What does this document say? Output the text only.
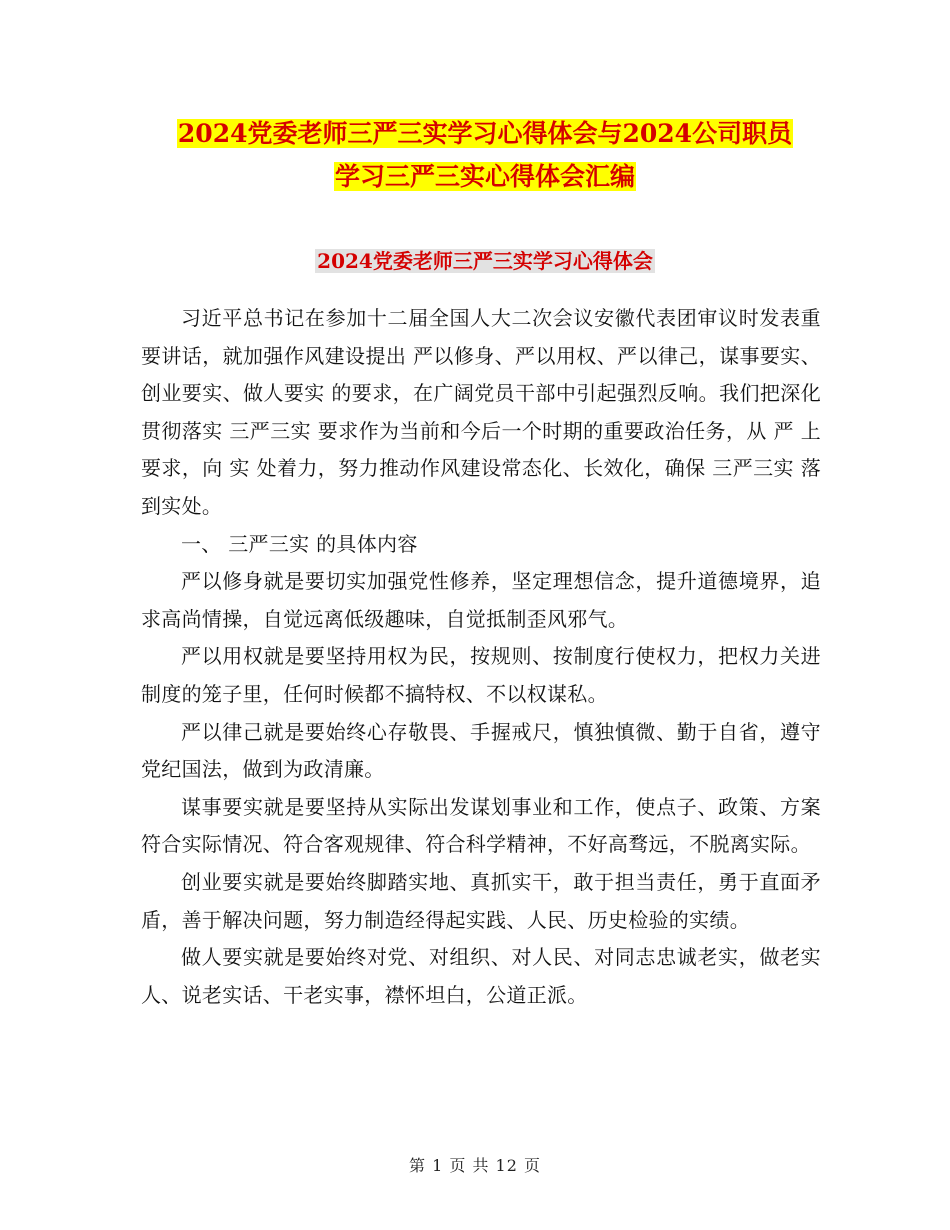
2024党委老师三严三实学习心得体会与2024公司职员
学习三严三实心得体会汇编
2024党委老师三严三实学习心得体会

习近平总书记在参加十二届全国人大二次会议安徽代表团审议时发表重要讲话，就加强作风建设提出 严以修身、严以用权、严以律己，谋事要实、创业要实、做人要实 的要求，在广阔党员干部中引起强烈反响。我们把深化贯彻落实 三严三实 要求作为当前和今后一个时期的重要政治任务，从 严 上要求，向 实 处着力，努力推动作风建设常态化、长效化，确保 三严三实 落到实处。

一、 三严三实 的具体内容

严以修身就是要切实加强党性修养，坚定理想信念，提升道德境界，追求高尚情操，自觉远离低级趣味，自觉抵制歪风邪气。

严以用权就是要坚持用权为民，按规则、按制度行使权力，把权力关进制度的笼子里，任何时候都不搞特权、不以权谋私。

严以律己就是要始终心存敬畏、手握戒尺，慎独慎微、勤于自省，遵守党纪国法，做到为政清廉。

谋事要实就是要坚持从实际出发谋划事业和工作，使点子、政策、方案符合实际情况、符合客观规律、符合科学精神，不好高骛远，不脱离实际。

创业要实就是要始终脚踏实地、真抓实干，敢于担当责任，勇于直面矛盾，善于解决问题，努力制造经得起实践、人民、历史检验的实绩。

做人要实就是要始终对党、对组织、对人民、对同志忠诚老实，做老实人、说老实话、干老实事，襟怀坦白，公道正派。

第 1 页 共 12 页
